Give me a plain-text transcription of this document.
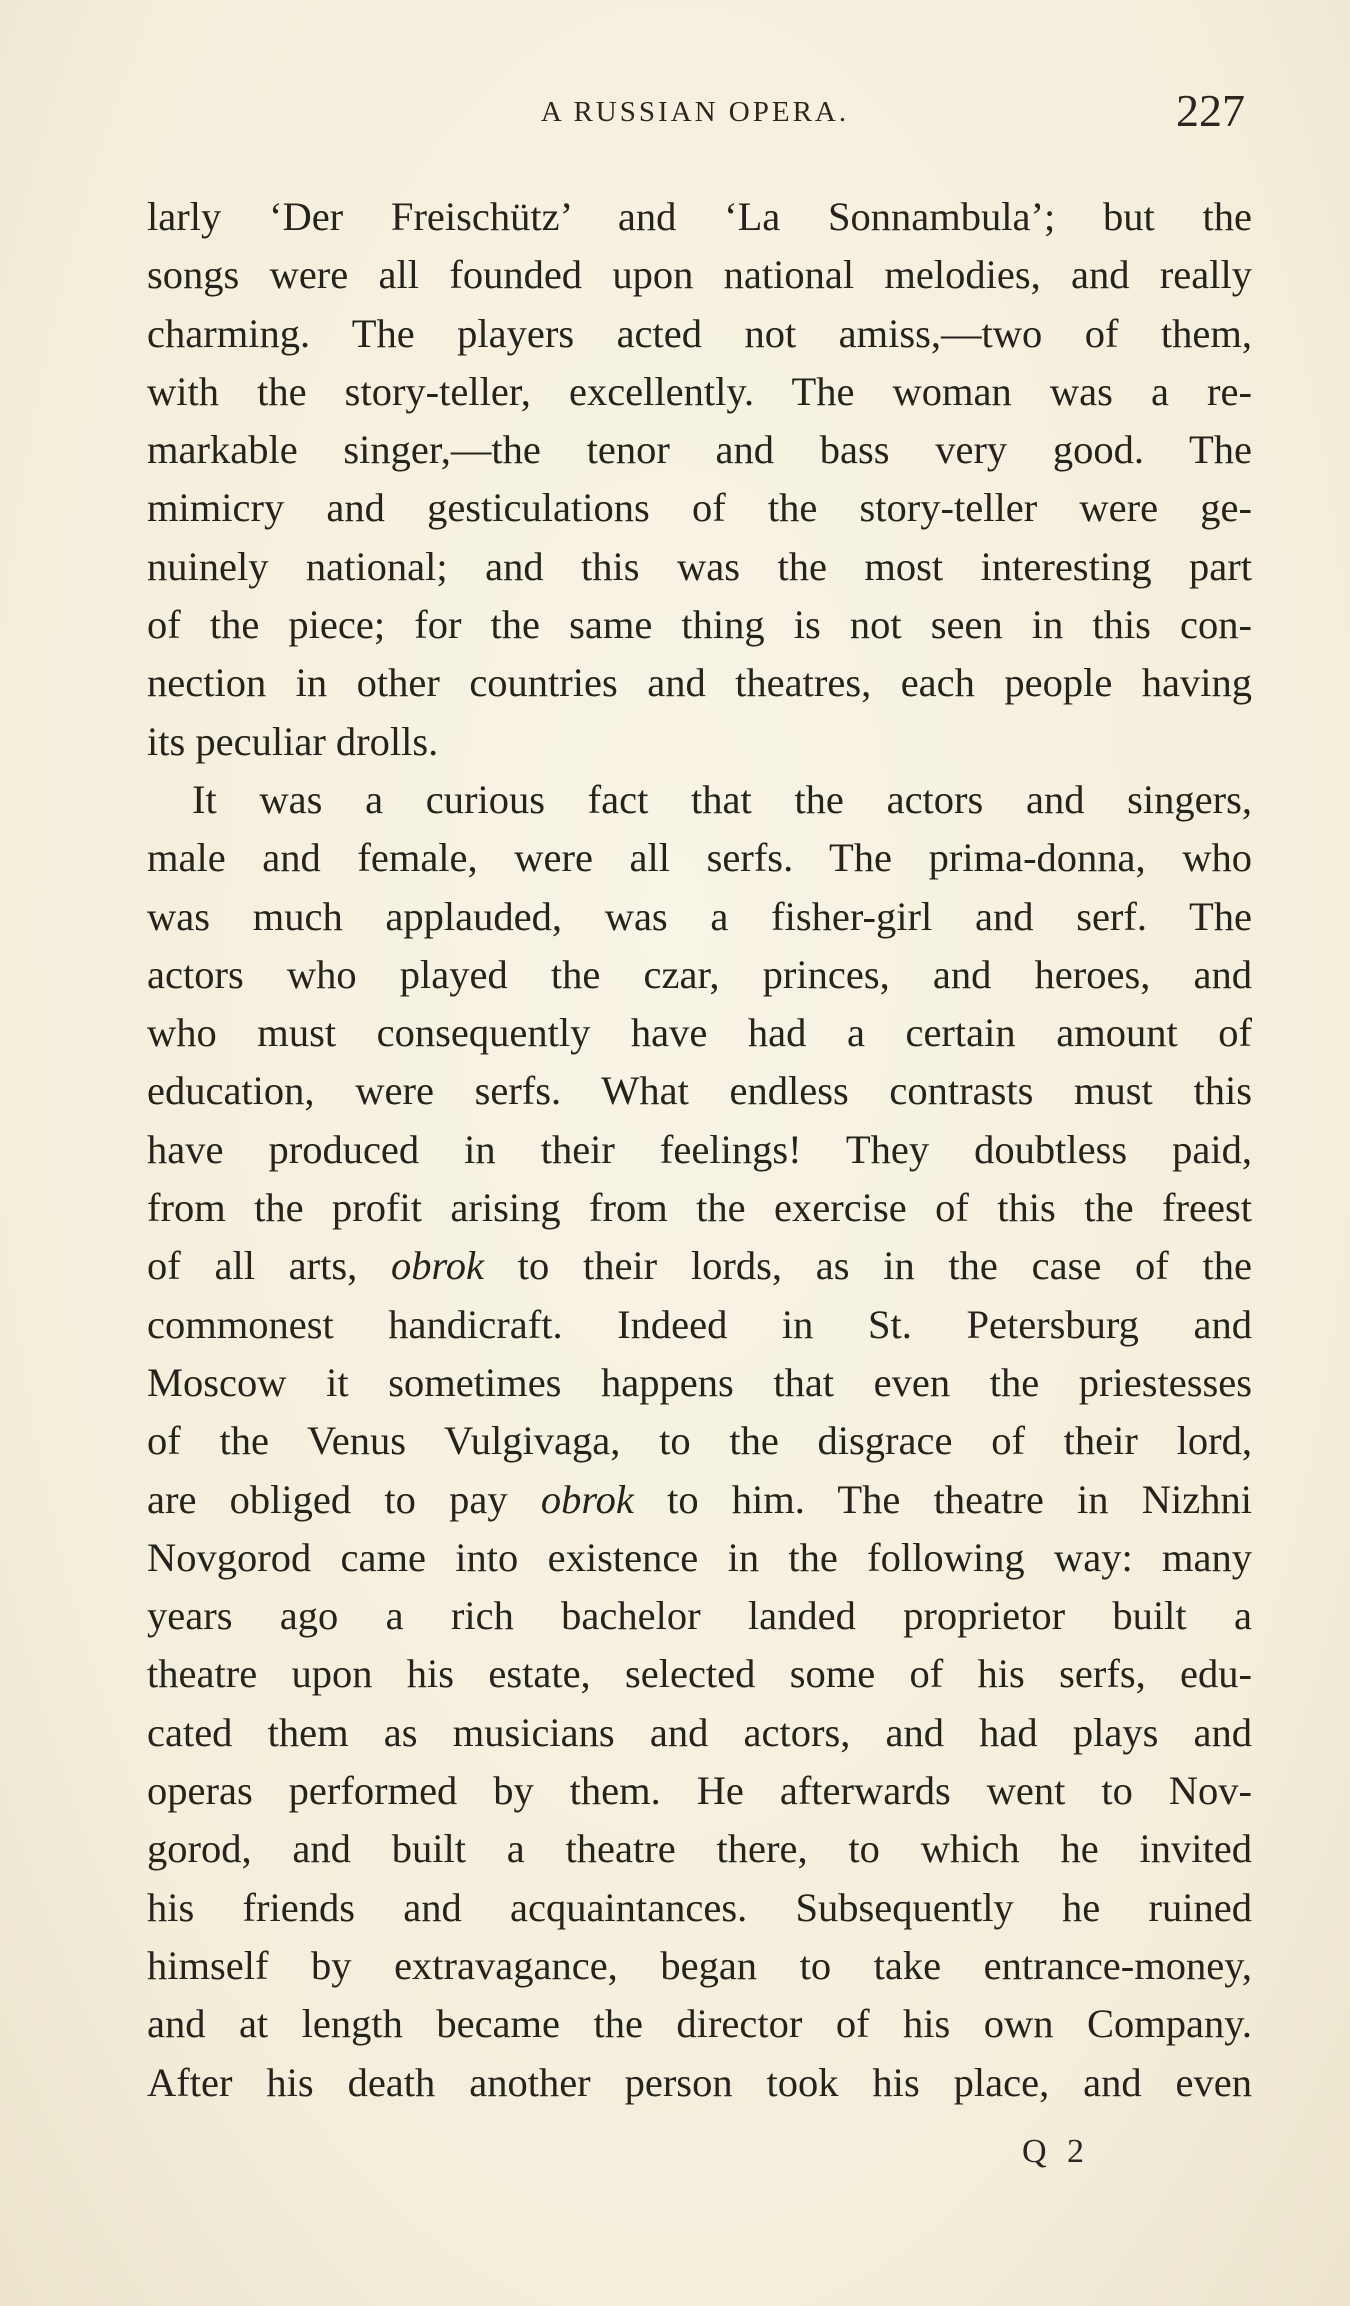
A RUSSIAN OPERA.	227
larly ‘Der Freischütz’ and ‘La Sonnambula’; but the
songs were all founded upon national melodies, and really
charming. The players acted not amiss,—two of them,
with the story-teller, excellently. The woman was a re-
markable singer,—the tenor and bass very good. The
mimicry and gesticulations of the story-teller were ge-
nuinely national; and this was the most interesting part
of the piece; for the same thing is not seen in this con-
nection in other countries and theatres, each people having
its peculiar drolls.
It was a curious fact that the actors and singers,
male and female, were all serfs. The prima-donna, who
was much applauded, was a fisher-girl and serf. The
actors who played the czar, princes, and heroes, and
who must consequently have had a certain amount of
education, were serfs. What endless contrasts must this
have produced in their feelings! They doubtless paid,
from the profit arising from the exercise of this the freest
of all arts, obrok to their lords, as in the case of the
commonest handicraft. Indeed in St. Petersburg and
Moscow it sometimes happens that even the priestesses
of the Venus Vulgivaga, to the disgrace of their lord,
are obliged to pay obrok to him. The theatre in Nizhni
Novgorod came into existence in the following way: many
years ago a rich bachelor landed proprietor built a
theatre upon his estate, selected some of his serfs, edu-
cated them as musicians and actors, and had plays and
operas performed by them. He afterwards went to Nov-
gorod, and built a theatre there, to which he invited
his friends and acquaintances. Subsequently he ruined
himself by extravagance, began to take entrance-money,
and at length became the director of his own Company.
After his death another person took his place, and even
Q 2
